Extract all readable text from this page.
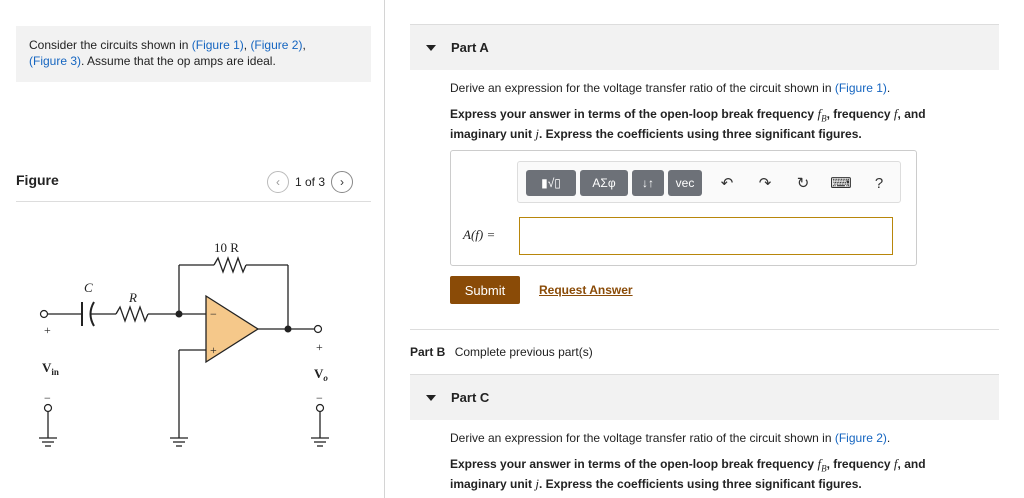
Consider the circuits shown in (Figure 1), (Figure 2),
(Figure 3). Assume that the op amps are ideal.
Figure	‹	1 of 3	›
10 R
C
R
−
+
+
$V_{in}$
−
+
$V_o$
−
Part A
Derive an expression for the voltage transfer ratio of the circuit shown in (Figure 1).
Express your answer in terms of the open-loop break frequency $f_B$, frequency f, and
imaginary unit j. Express the coefficients using three significant figures.
▮√▯	ΑΣφ	↓↑	vec	↶	↷	↻	⌨	?
A(f) =
Submit	Request Answer
Part B Complete previous part(s)
Part C
Derive an expression for the voltage transfer ratio of the circuit shown in (Figure 2).
Express your answer in terms of the open-loop break frequency $f_B$, frequency f, and
imaginary unit j. Express the coefficients using three significant figures.
